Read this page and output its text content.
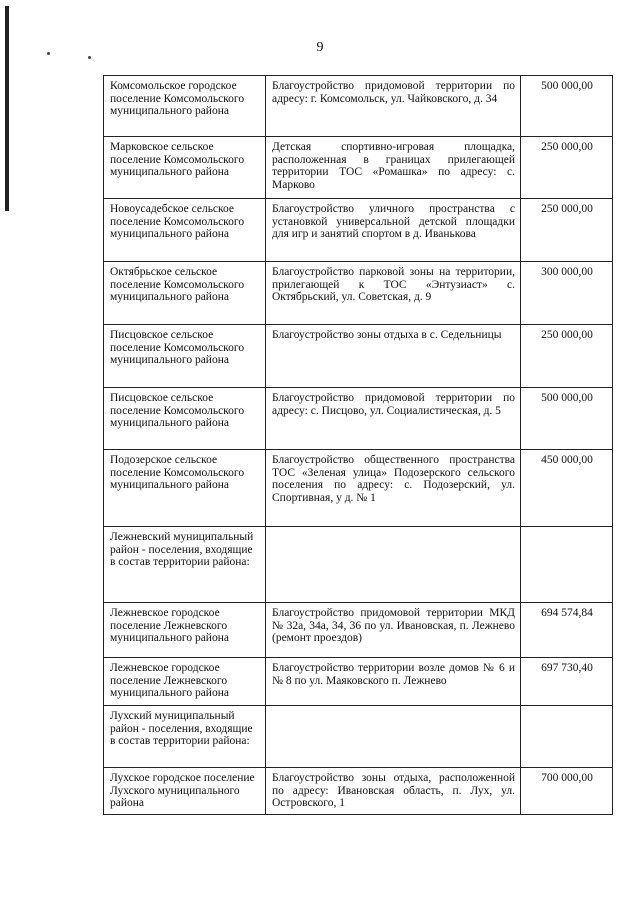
9
Комсомольское городское поселение Комсомольского муниципального района	Благоустройство придомовой территории по адресу: г. Комсомольск, ул. Чайковского, д. 34	500 000,00
Марковское сельское поселение Комсомольского муниципального района	Детская спортивно-игровая площадка, расположенная в границах прилегающей территории ТОС «Ромашка» по адресу: с. Марково	250 000,00
Новоусадебское сельское поселение Комсомольского муниципального района	Благоустройство уличного пространства с установкой универсальной детской площадки для игр и занятий спортом в д. Иванькова	250 000,00
Октябрьское сельское поселение Комсомольского муниципального района	Благоустройство парковой зоны на территории, прилегающей к ТОС «Энтузиаст» с. Октябрьский, ул. Советская, д. 9	300 000,00
Писцовское сельское поселение Комсомольского муниципального района	Благоустройство зоны отдыха в с. Седельницы	250 000,00
Писцовское сельское поселение Комсомольского муниципального района	Благоустройство придомовой территории по адресу: с. Писцово, ул. Социалистическая, д. 5	500 000,00
Подозерское сельское поселение Комсомольского муниципального района	Благоустройство общественного пространства ТОС «Зеленая улица» Подозерского сельского поселения по адресу: с. Подозерский, ул. Спортивная, у д. № 1	450 000,00
Лежневский муниципальный район - поселения, входящие в состав территории района:		
Лежневское городское поселение Лежневского муниципального района	Благоустройство придомовой территории МКД № 32а, 34а, 34, 36 по ул. Ивановская, п. Лежнево (ремонт проездов)	694 574,84
Лежневское городское поселение Лежневского муниципального района	Благоустройство территории возле домов № 6 и № 8 по ул. Маяковского п. Лежнево	697 730,40
Лухский муниципальный район - поселения, входящие в состав территории района:		
Лухское городское поселение Лухского муниципального района	Благоустройство зоны отдыха, расположенной по адресу: Ивановская область, п. Лух, ул. Островского, 1	700 000,00
